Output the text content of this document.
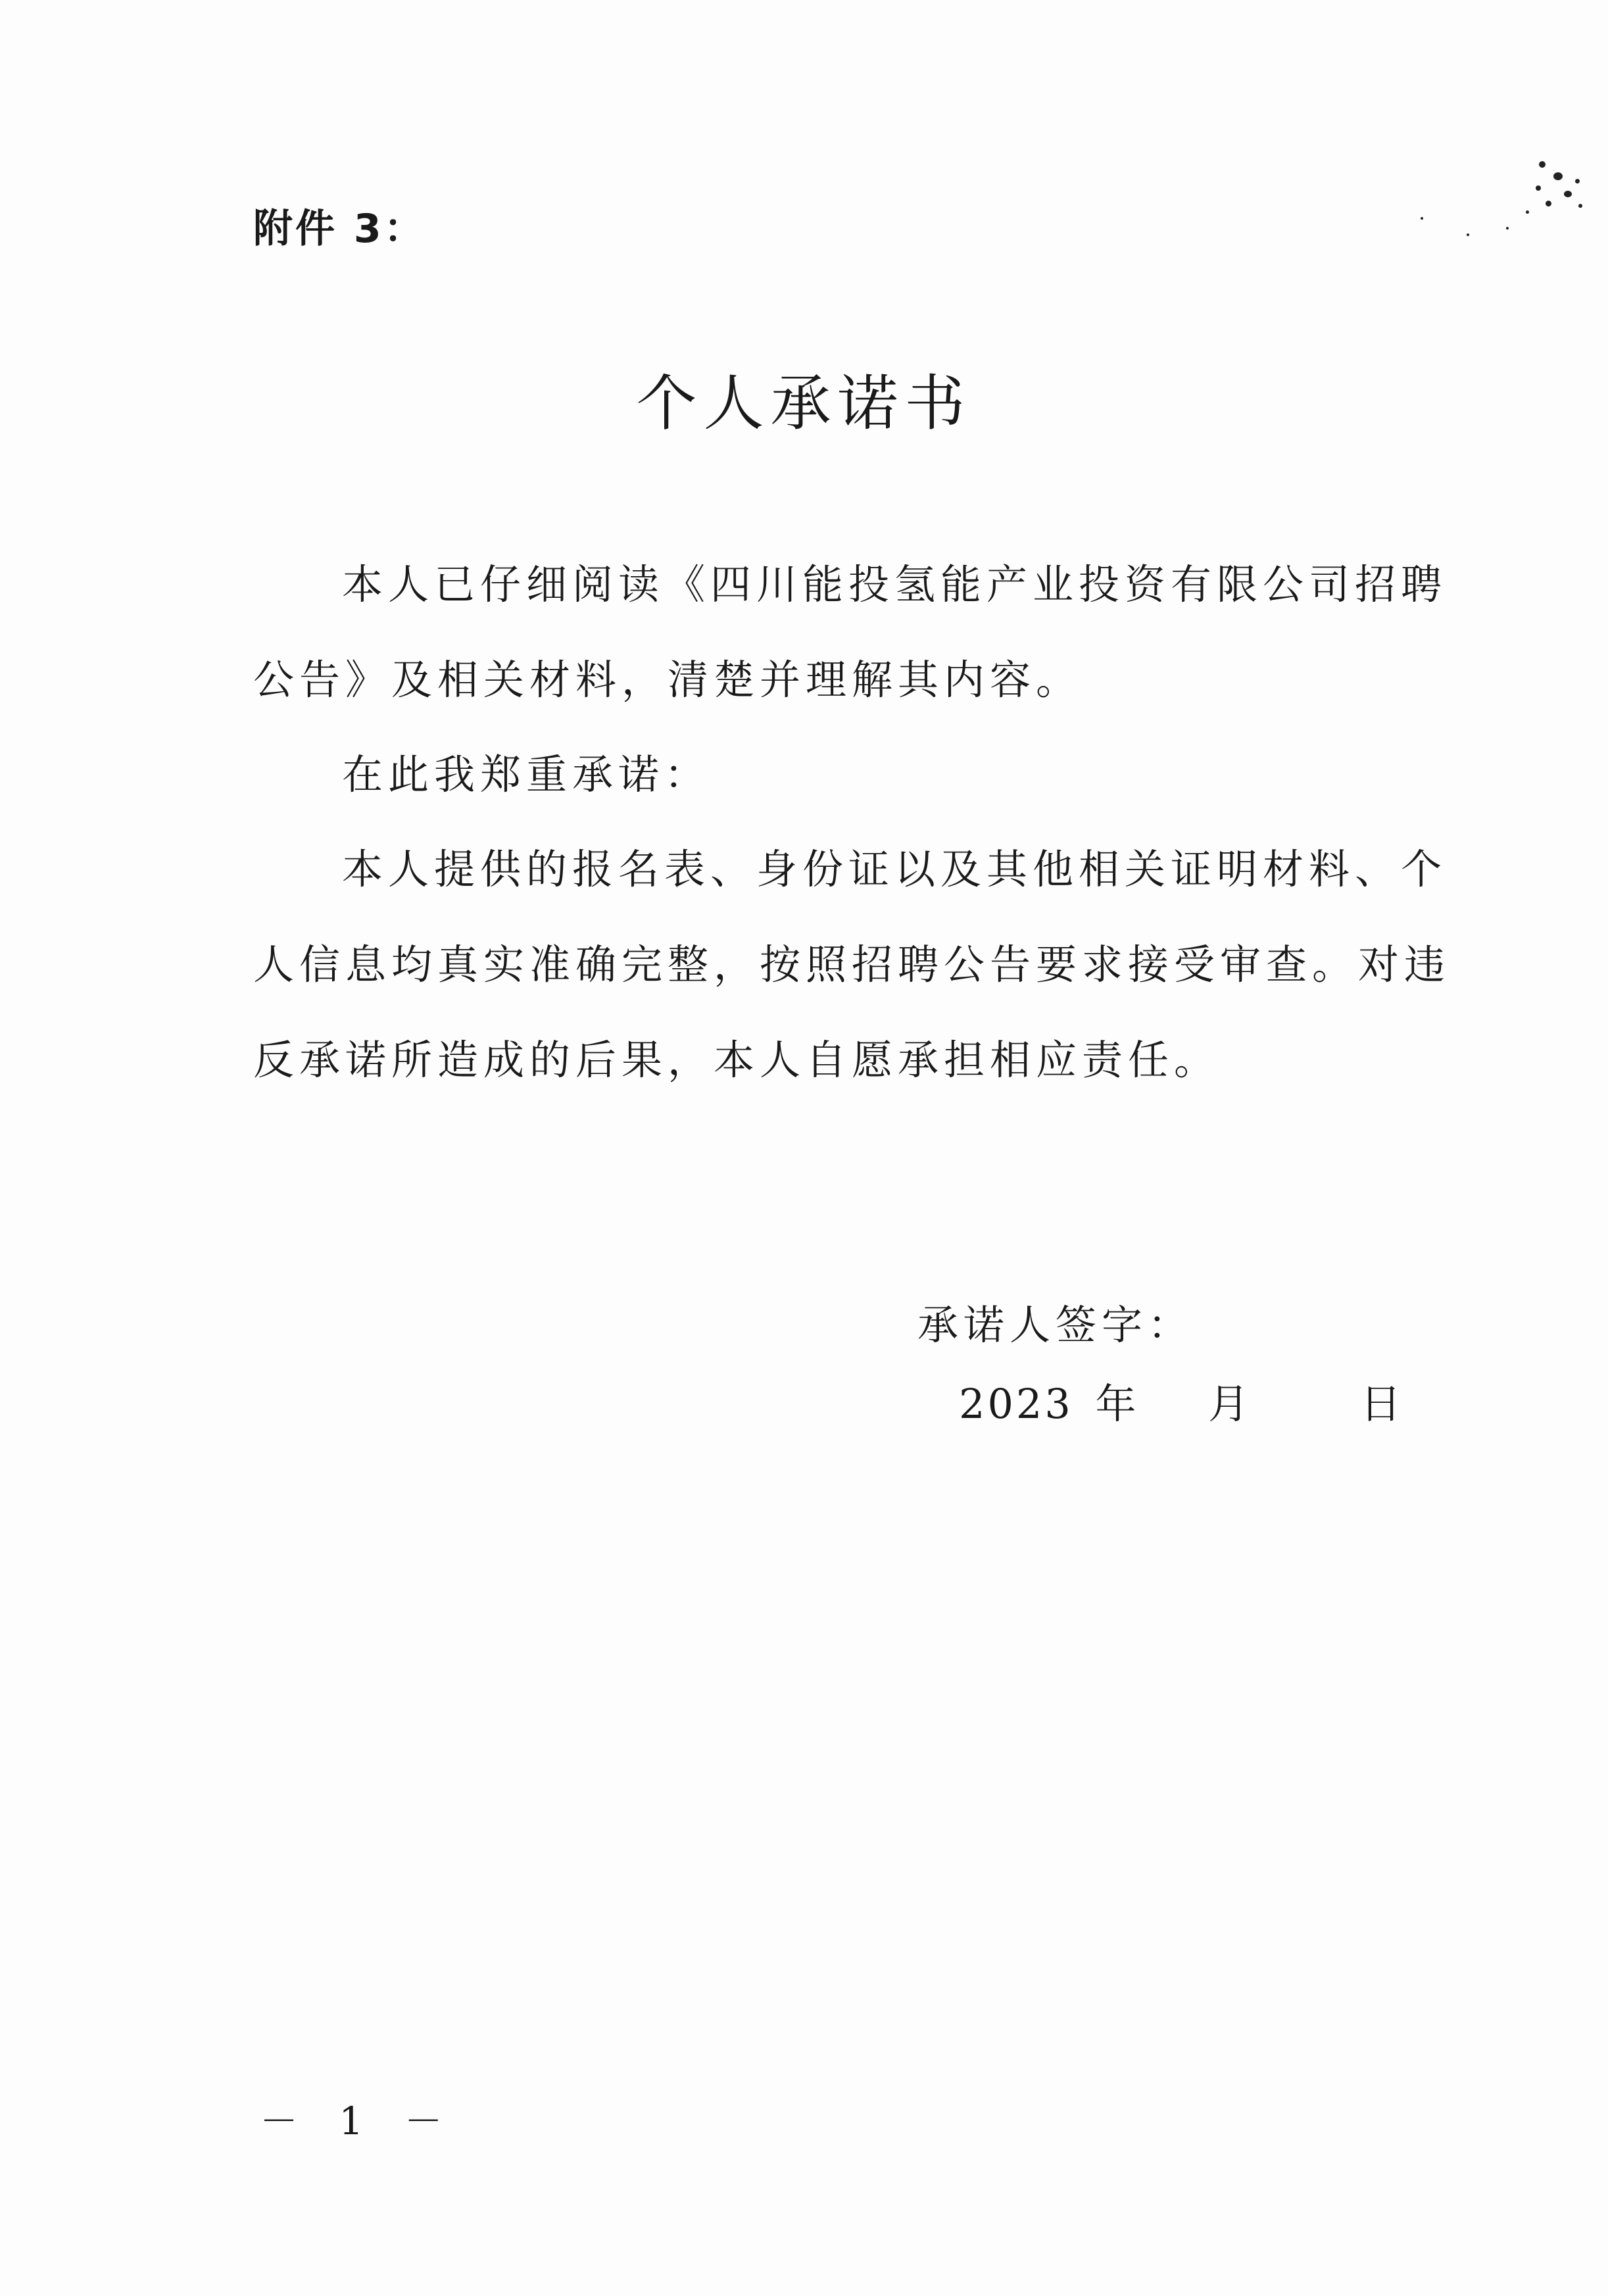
附件 3：
个人承诺书
本人已仔细阅读《四川能投氢能产业投资有限公司招聘
公告》及相关材料，清楚并理解其内容。
在此我郑重承诺：
本人提供的报名表、身份证以及其他相关证明材料、个
人信息均真实准确完整，按照招聘公告要求接受审查。对违
反承诺所造成的后果，本人自愿承担相应责任。
承诺人签字：
2023 年 月	日
－ 1 －
